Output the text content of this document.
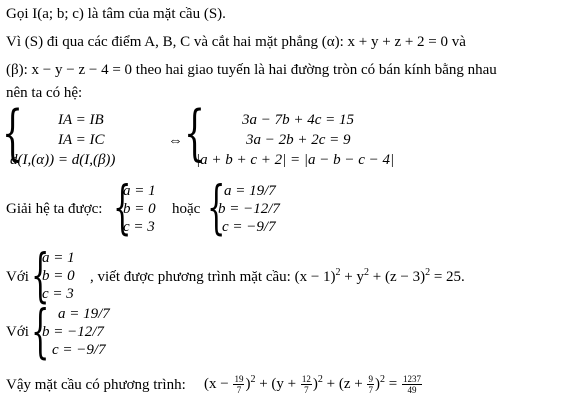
Gọi I(a; b; c) là tâm của mặt cầu (S).
Vì (S) đi qua các điểm A, B, C và cắt hai mặt phẳng (α): x + y + z + 2 = 0 và
(β): x − y − z − 4 = 0 theo hai giao tuyến là hai đường tròn có bán kính bằng nhau
nên ta có hệ:
{ IA = IB
IA = IC
d(I,(α)) = d(I,(β))
⇔ { 3a − 7b + 4c = 15
3a − 2b + 2c = 9
|a + b + c + 2| = |a − b − c − 4|
Giải hệ ta được: {
a = 1
b = 0
c = 3
hoặc {
a = 19/7
b = −12/7
c = −9/7
Với {
a = 1
b = 0
c = 3
, viết được phương trình mặt cầu: $(x - 1)^2 + y^2 + (z - 3)^2 = 25$.
Với { a = 19/7
b = −12/7
c = −9/7
Vậy mặt cầu có phương trình: $(x - \frac{19}{7} )^2 + (y + \frac{12}{7} )^2 + (z + \frac{9}{7} )^2 = \frac{1237}{49}$
